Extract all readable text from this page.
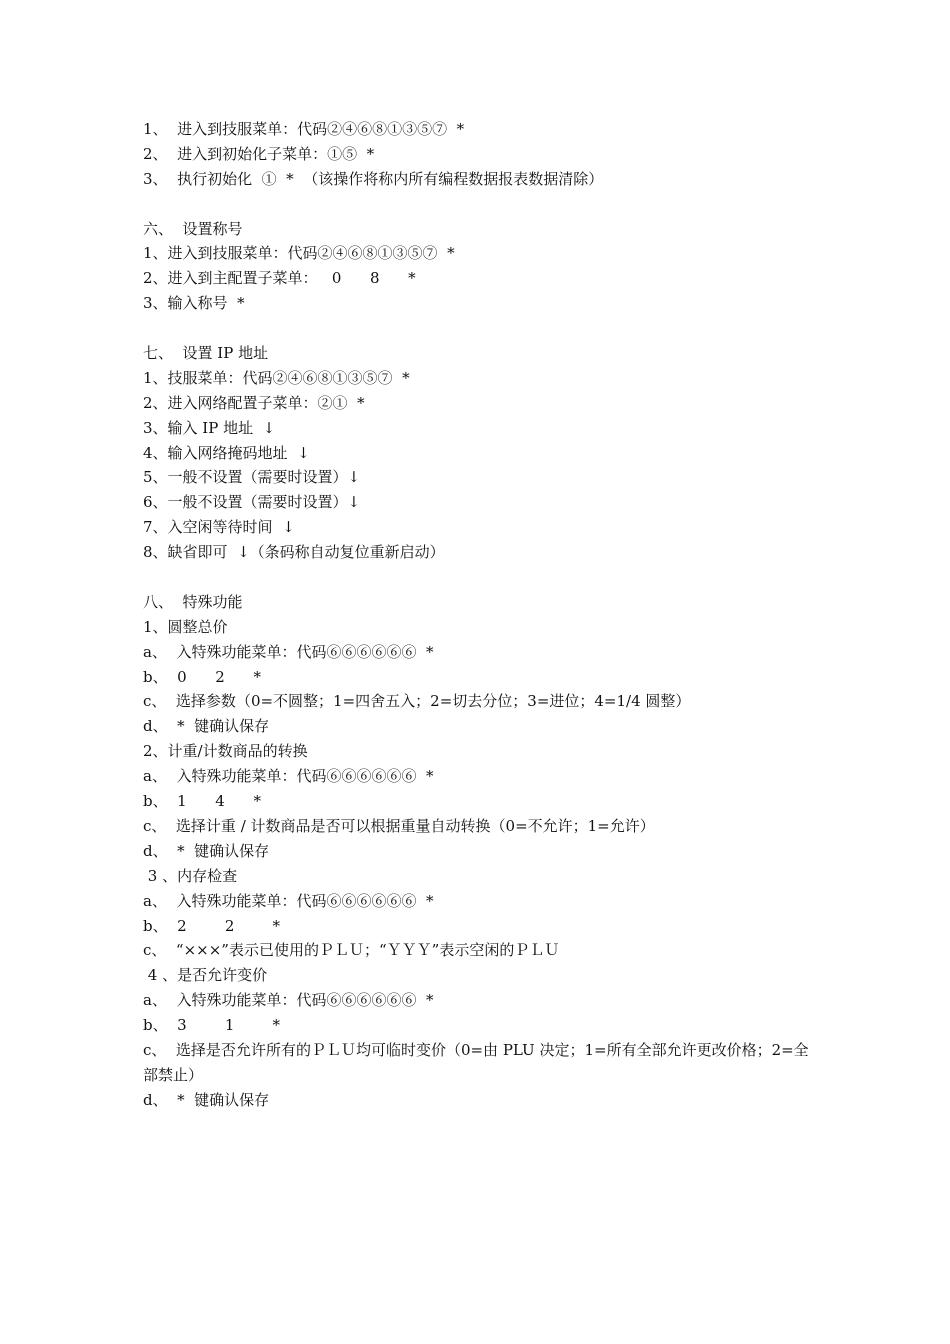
1、  进入到技服菜单：代码②④⑥⑧①③⑤⑦  *
2、  进入到初始化子菜单：①⑤  *
3、  执行初始化  ①  *  （该操作将称内所有编程数据报表数据清除）
六、  设置称号
1、进入到技服菜单：代码②④⑥⑧①③⑤⑦  *
2、进入到主配置子菜单：   0      8      *
3、输入称号  *
七、  设置 IP 地址
1、技服菜单：代码②④⑥⑧①③⑤⑦  *
2、进入网络配置子菜单：②①  *
3、输入 IP 地址  ↓
4、输入网络掩码地址  ↓
5、一般不设置（需要时设置）↓
6、一般不设置（需要时设置）↓
7、入空闲等待时间  ↓
8、缺省即可  ↓（条码称自动复位重新启动）
八、  特殊功能
1、圆整总价
a、  入特殊功能菜单：代码⑥⑥⑥⑥⑥⑥  *
b、  0      2      *
c、  选择参数（0=不圆整；1=四舍五入；2=切去分位；3=进位；4=1/4 圆整）
d、  *  键确认保存
2、计重/计数商品的转换
a、  入特殊功能菜单：代码⑥⑥⑥⑥⑥⑥  *
b、  1      4      *
c、  选择计重 / 计数商品是否可以根据重量自动转换（0=不允许；1=允许）
d、  *  键确认保存
3 、内存检查
a、  入特殊功能菜单：代码⑥⑥⑥⑥⑥⑥  *
b、  2        2        *
c、  “×××”表示已使用的ＰＬＵ；“ＹＹＹ”表示空闲的ＰＬＵ
4 、是否允许变价
a、  入特殊功能菜单：代码⑥⑥⑥⑥⑥⑥  *
b、  3        1        *
c、  选择是否允许所有的ＰＬＵ均可临时变价（0=由 PLU 决定；1=所有全部允许更改价格；2=全部禁止）
d、  *  键确认保存
